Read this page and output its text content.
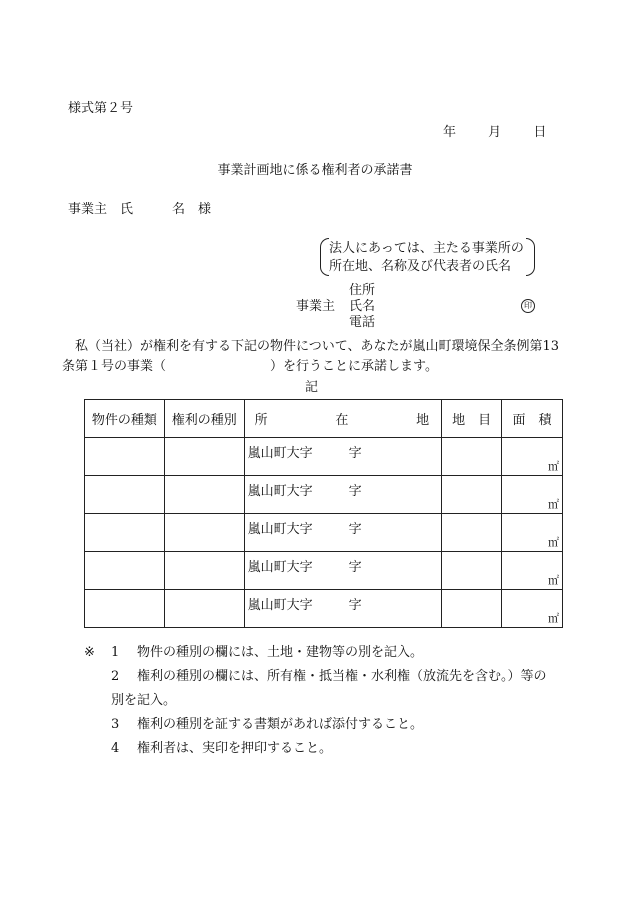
様式第２号
年 月 日
事業計画地に係る権利者の承諾書
事業主　氏　　　名　様
法人にあっては、主たる事業所の
所在地、名称及び代表者の氏名
住所
事業主 氏名
電話
印
私（当社）が権利を有する下記の物件について、あなたが嵐山町環境保全条例第13条第１号の事業（　　　　　　　　）を行うことに承諾します。
記
物件の種類	権利の種別	所 在 地	地　目	面　積
		嵐山町大字 字		㎡

		嵐山町大字 字		㎡

		嵐山町大字 字		㎡

		嵐山町大字 字		㎡

		嵐山町大字 字		㎡
※ 1 物件の種別の欄には、土地・建物等の別を記入。
2 権利の種別の欄には、所有権・抵当権・水利権（放流先を含む。）等の
別を記入。
3 権利の種別を証する書類があれば添付すること。
4 権利者は、実印を押印すること。
